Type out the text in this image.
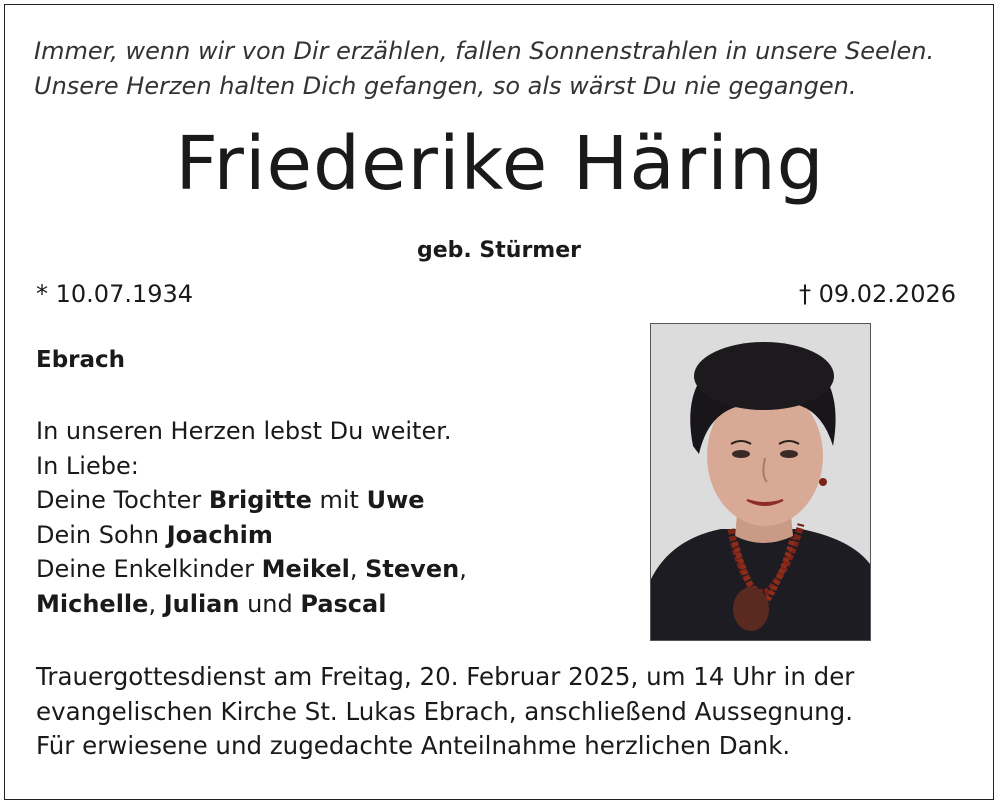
Immer, wenn wir von Dir erzählen, fallen Sonnenstrahlen in unsere Seelen.
Unsere Herzen halten Dich gefangen, so als wärst Du nie gegangen.
Friederike Häring
geb. Stürmer
* 10.07.1934	† 09.02.2026
Ebrach
In unseren Herzen lebst Du weiter.
In Liebe:
Deine Tochter Brigitte mit Uwe
Dein Sohn Joachim
Deine Enkelkinder Meikel, Steven,
Michelle, Julian und Pascal
Trauergottesdienst am Freitag, 20. Februar 2025, um 14 Uhr in der
evangelischen Kirche St. Lukas Ebrach, anschließend Aussegnung.
Für erwiesene und zugedachte Anteilnahme herzlichen Dank.
